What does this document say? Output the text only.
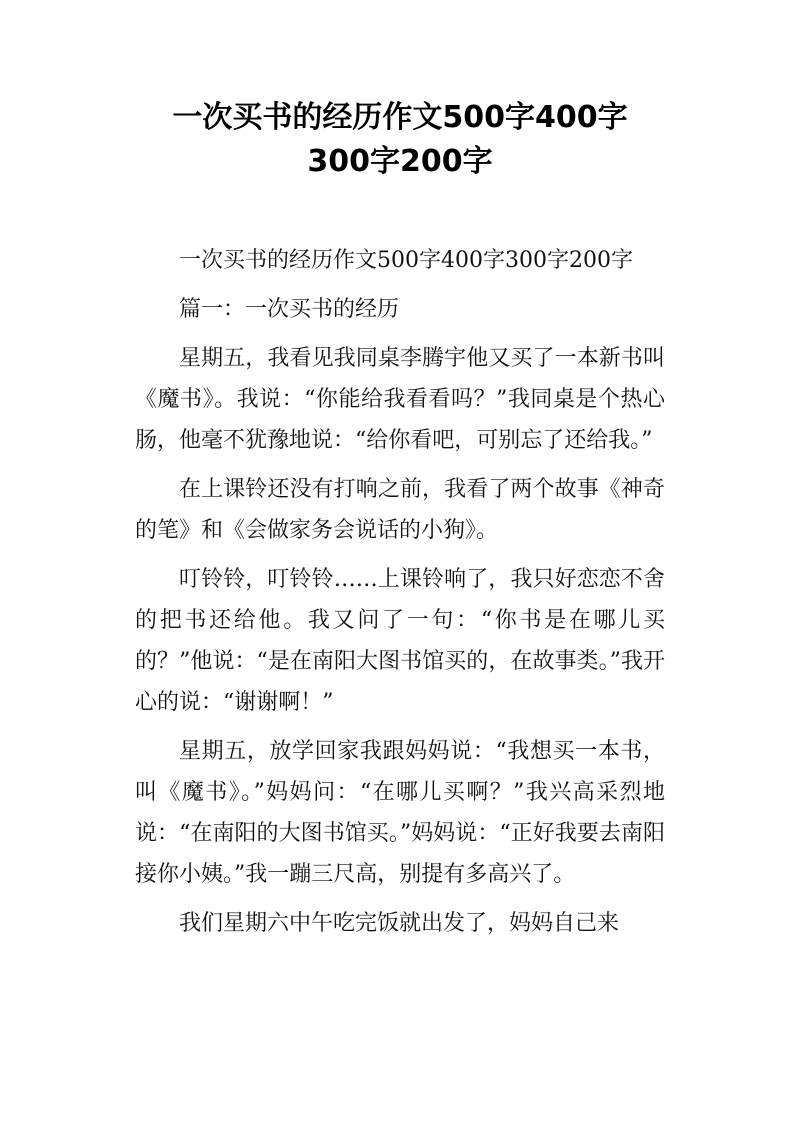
一次买书的经历作文500字400字
300字200字

一次买书的经历作文500字400字300字200字

篇一：一次买书的经历

星期五，我看见我同桌李腾宇他又买了一本新书叫《魔书》。我说：“你能给我看看吗？”我同桌是个热心肠，他毫不犹豫地说：“给你看吧，可别忘了还给我。”

在上课铃还没有打响之前，我看了两个故事《神奇的笔》和《会做家务会说话的小狗》。

叮铃铃，叮铃铃……上课铃响了，我只好恋恋不舍的把书还给他。我又问了一句：“你书是在哪儿买的？”他说：“是在南阳大图书馆买的，在故事类。”我开心的说：“谢谢啊！”

星期五，放学回家我跟妈妈说：“我想买一本书，叫《魔书》。”妈妈问：“在哪儿买啊？”我兴高采烈地说：“在南阳的大图书馆买。”妈妈说：“正好我要去南阳接你小姨。”我一蹦三尺高，别提有多高兴了。

我们星期六中午吃完饭就出发了，妈妈自己来
